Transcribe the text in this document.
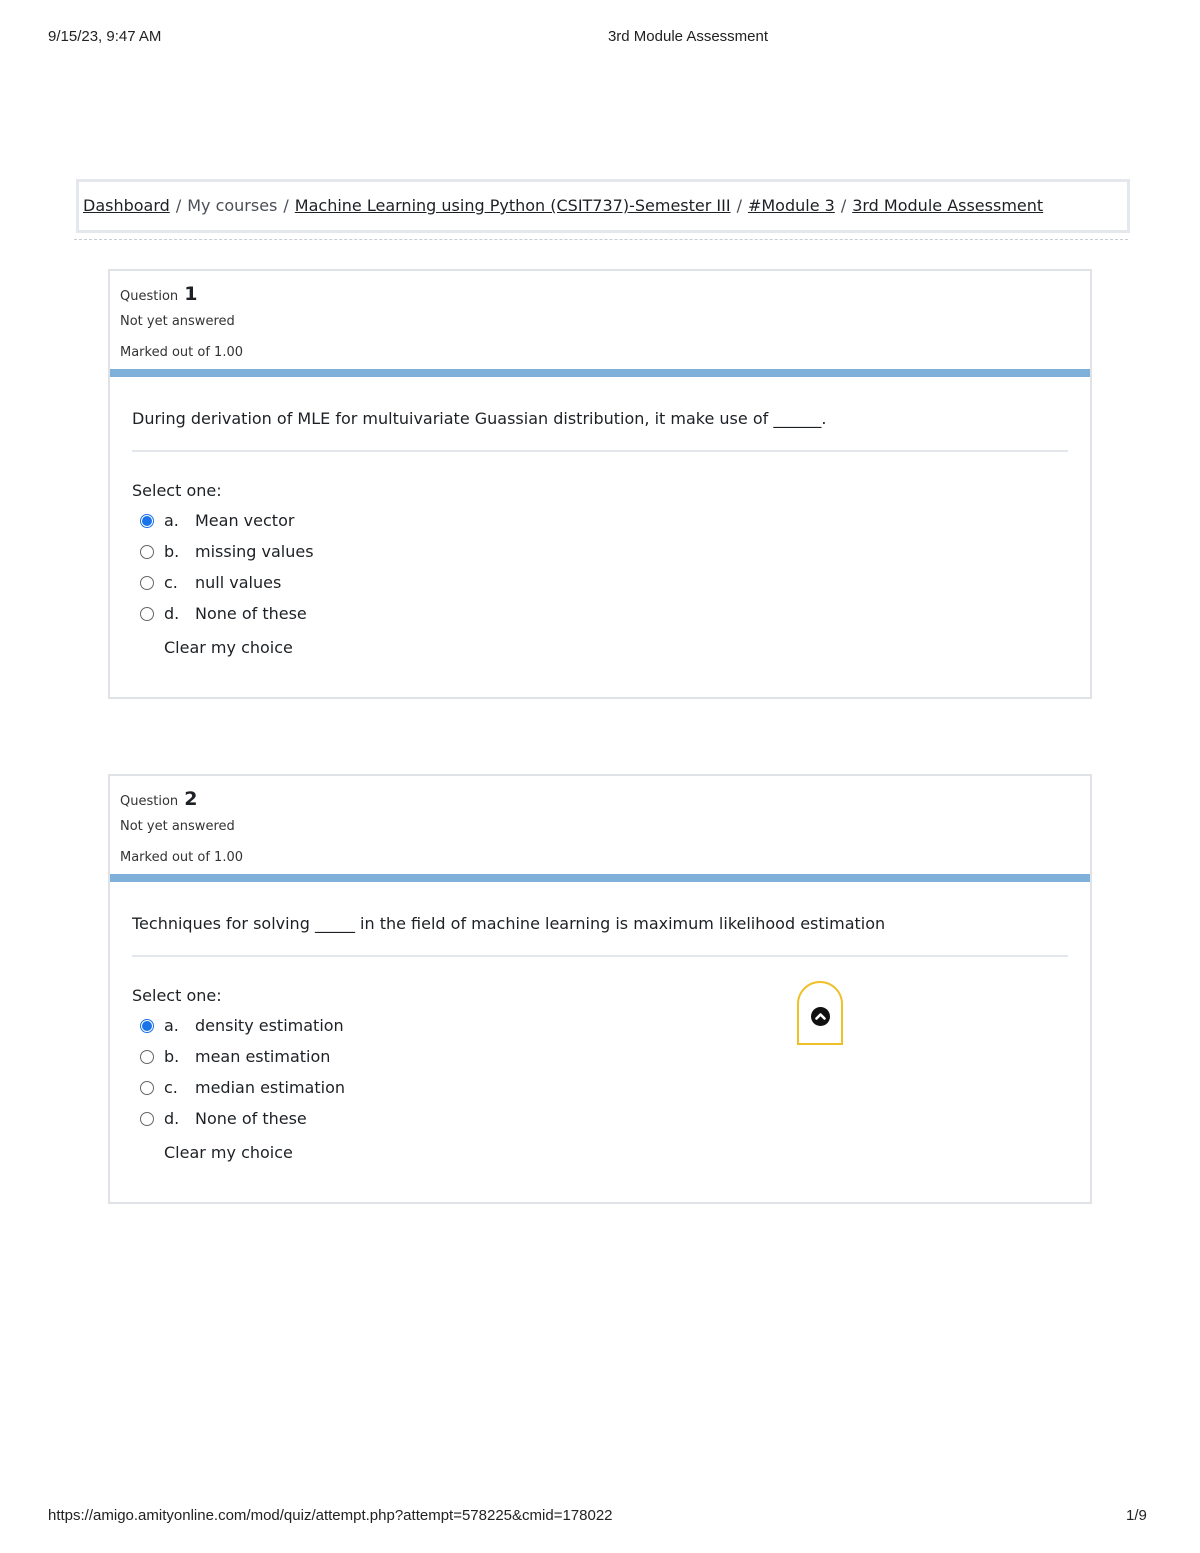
9/15/23, 9:47 AM	3rd Module Assessment
Dashboard / My courses / Machine Learning using Python (CSIT737)-Semester III / #Module 3 / 3rd Module Assessment
Question 1
Not yet answered
Marked out of 1.00
During derivation of MLE for multuivariate Guassian distribution, it make use of ______.
Select one:
a. Mean vector
b. missing values
c. null values
d. None of these
Clear my choice
Question 2
Not yet answered
Marked out of 1.00
Techniques for solving _____ in the field of machine learning is maximum likelihood estimation
Select one:
a. density estimation
b. mean estimation
c. median estimation
d. None of these
Clear my choice
https://amigo.amityonline.com/mod/quiz/attempt.php?attempt=578225&cmid=178022	1/9
